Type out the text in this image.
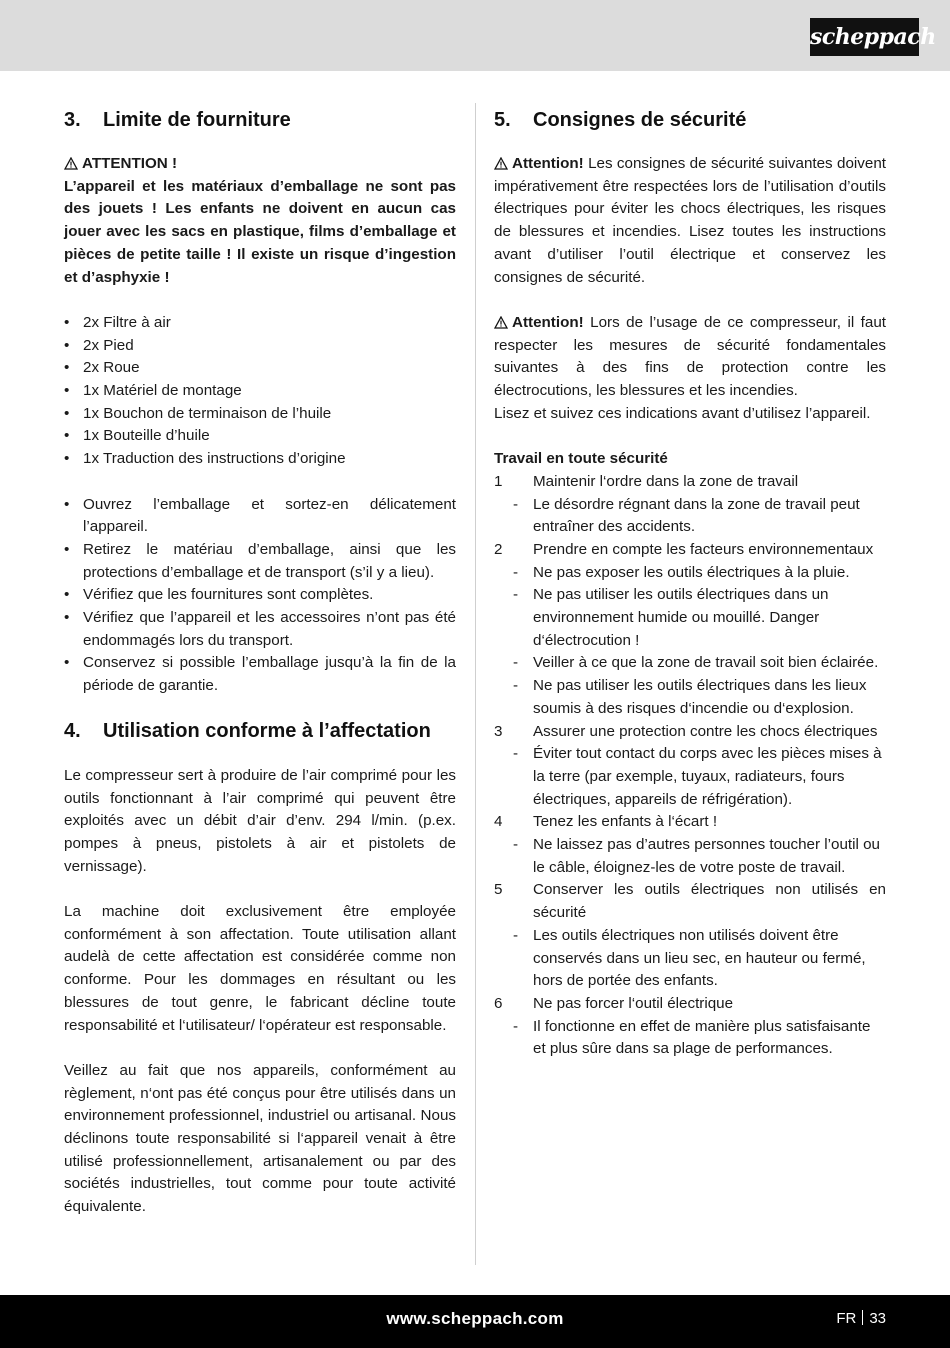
scheppach
3. Limite de fourniture

ATTENTION !
L’appareil et les matériaux d’emballage ne sont pas des jouets ! Les enfants ne doivent en aucun cas jouer avec les sacs en plastique, films d’emballage et pièces de petite taille ! Il existe un risque d’ingestion et d’asphyxie !

• 2x Filtre à air
• 2x Pied
• 2x Roue
• 1x Matériel de montage
• 1x Bouchon de terminaison de l’huile
• 1x Bouteille d’huile
• 1x Traduction des instructions d’origine
• Ouvrez l’emballage et sortez-en délicatement l’appareil.
• Retirez le matériau d’emballage, ainsi que les protections d’emballage et de transport (s’il y a lieu).
• Vérifiez que les fournitures sont complètes.
• Vérifiez que l’appareil et les accessoires n’ont pas été endommagés lors du transport.
• Conservez si possible l’emballage jusqu’à la fin de la période de garantie.
4. Utilisation conforme à l’affectation

Le compresseur sert à produire de l’air comprimé pour les outils fonctionnant à l’air comprimé qui peuvent être exploités avec un débit d’air d’env. 294 l/min. (p.ex. pompes à pneus, pistolets à air et pistolets de vernissage).

La machine doit exclusivement être employée conformément à son affectation. Toute utilisation allant audelà de cette affectation est considérée comme non conforme. Pour les dommages en résultant ou les blessures de tout genre, le fabricant décline toute responsabilité et l‘utilisateur/ l‘opérateur est responsable.

Veillez au fait que nos appareils, conformément au règlement, n‘ont pas été conçus pour être utilisés dans un environnement professionnel, industriel ou artisanal. Nous déclinons toute responsabilité si l‘appareil venait à être utilisé professionnellement, artisanalement ou par des sociétés industrielles, tout comme pour toute activité équivalente.

5. Consignes de sécurité

Attention! Les consignes de sécurité suivantes doivent impérativement être respectées lors de l’utilisation d’outils électriques pour éviter les chocs électriques, les risques de blessures et incendies. Lisez toutes les instructions avant d’utiliser l’outil électrique et conservez les consignes de sécurité.

Attention! Lors de l’usage de ce compresseur, il faut respecter les mesures de sécurité fondamentales suivantes à des fins de protection contre les électrocutions, les blessures et les incendies.
Lisez et suivez ces indications avant d’utilisez l’appareil.

Travail en toute sécurité

1 Maintenir l‘ordre dans la zone de travail
- Le désordre régnant dans la zone de travail peut entraîner des accidents.
2 Prendre en compte les facteurs environnementaux
- Ne pas exposer les outils électriques à la pluie.
- Ne pas utiliser les outils électriques dans un environnement humide ou mouillé. Danger d‘électrocution !
- Veiller à ce que la zone de travail soit bien éclairée.
- Ne pas utiliser les outils électriques dans les lieux soumis à des risques d‘incendie ou d‘explosion.
3 Assurer une protection contre les chocs électriques
- Éviter tout contact du corps avec les pièces mises à la terre (par exemple, tuyaux, radiateurs, fours électriques, appareils de réfrigération).
4 Tenez les enfants à l‘écart !
- Ne laissez pas d’autres personnes toucher l’outil ou le câble, éloignez-les de votre poste de travail.
5 Conserver les outils électriques non utilisés en sécurité
- Les outils électriques non utilisés doivent être conservés dans un lieu sec, en hauteur ou fermé, hors de portée des enfants.
6 Ne pas forcer l‘outil électrique
- Il fonctionne en effet de manière plus satisfaisante et plus sûre dans sa plage de performances.
www.scheppach.com	FR 33
